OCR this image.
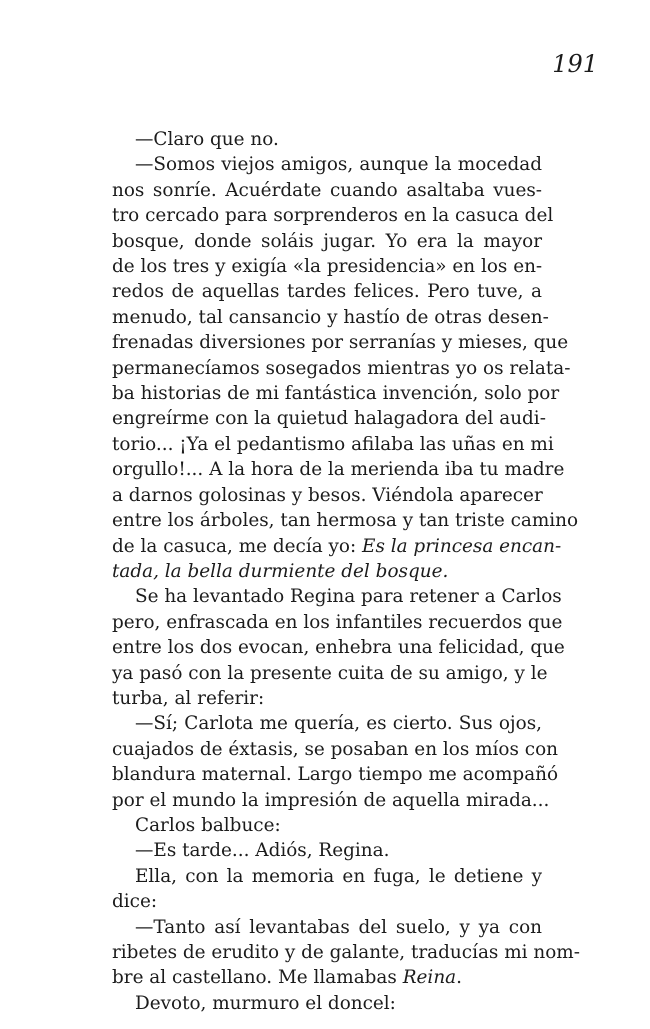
191

—Claro que no.

—Somos viejos amigos, aunque la mocedad
nos sonríe. Acuérdate cuando asaltaba vues-
tro cercado para sorprenderos en la casuca del
bosque, donde soláis jugar. Yo era la mayor
de los tres y exigía «la presidencia» en los en-
redos de aquellas tardes felices. Pero tuve, a
menudo, tal cansancio y hastío de otras desen-
frenadas diversiones por serranías y mieses, que
permanecíamos sosegados mientras yo os relata-
ba historias de mi fantástica invención, solo por
engreírme con la quietud halagadora del audi-
torio... ¡Ya el pedantismo afilaba las uñas en mi
orgullo!... A la hora de la merienda iba tu madre
a darnos golosinas y besos. Viéndola aparecer
entre los árboles, tan hermosa y tan triste camino
de la casuca, me decía yo: Es la princesa encan-
tada, la bella durmiente del bosque.

Se ha levantado Regina para retener a Carlos
pero, enfrascada en los infantiles recuerdos que
entre los dos evocan, enhebra una felicidad, que
ya pasó con la presente cuita de su amigo, y le
turba, al referir:

—Sí; Carlota me quería, es cierto. Sus ojos,
cuajados de éxtasis, se posaban en los míos con
blandura maternal. Largo tiempo me acompañó
por el mundo la impresión de aquella mirada...

Carlos balbuce:

—Es tarde... Adiós, Regina.

Ella, con la memoria en fuga, le detiene y
dice:

—Tanto así levantabas del suelo, y ya con
ribetes de erudito y de galante, traducías mi nom-
bre al castellano. Me llamabas Reina.

Devoto, murmuro el doncel:
